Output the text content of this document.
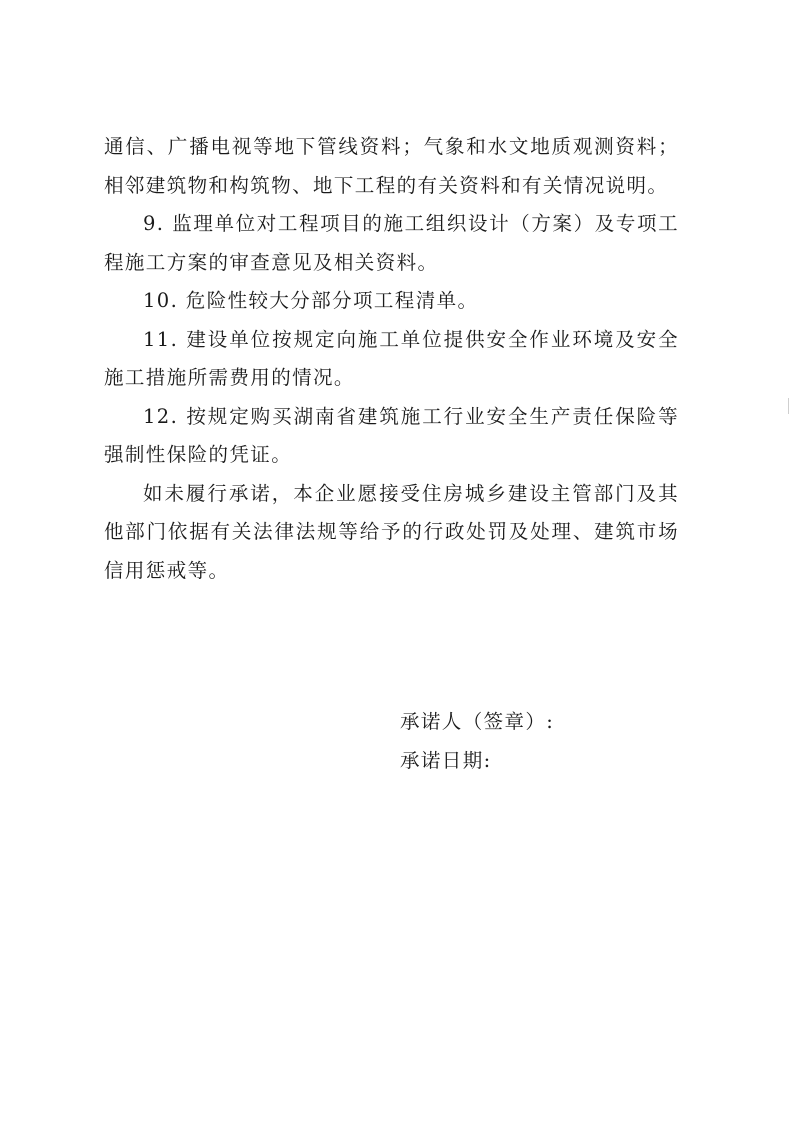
通信、广播电视等地下管线资料；气象和水文地质观测资料；相邻建筑物和构筑物、地下工程的有关资料和有关情况说明。

9. 监理单位对工程项目的施工组织设计（方案）及专项工程施工方案的审查意见及相关资料。

10. 危险性较大分部分项工程清单。

11. 建设单位按规定向施工单位提供安全作业环境及安全施工措施所需费用的情况。

12. 按规定购买湖南省建筑施工行业安全生产责任保险等强制性保险的凭证。

如未履行承诺，本企业愿接受住房城乡建设主管部门及其他部门依据有关法律法规等给予的行政处罚及处理、建筑市场信用惩戒等。

承诺人（签章）:

承诺日期:
